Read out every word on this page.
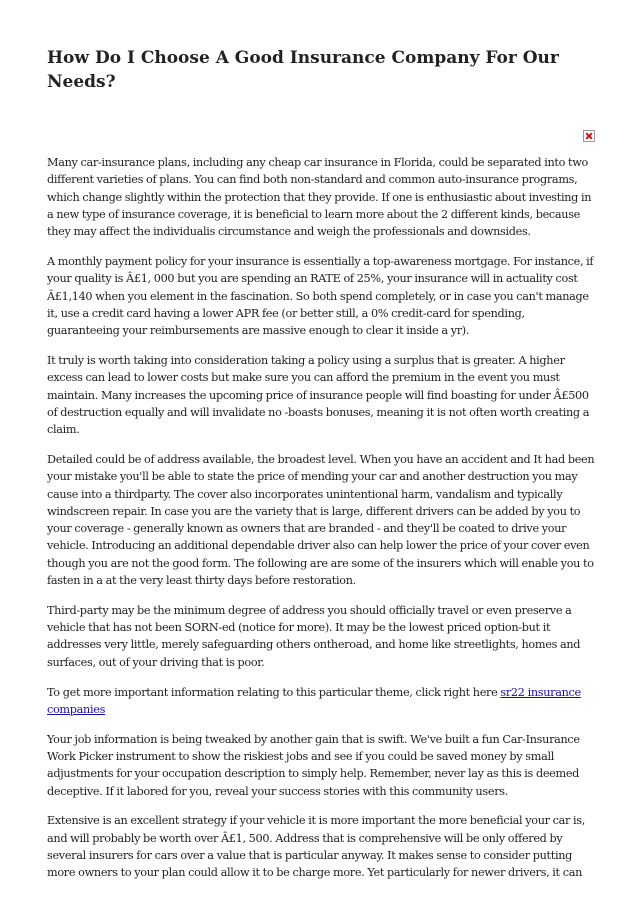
How Do I Choose A Good Insurance Company For Our Needs?

Many car-insurance plans, including any cheap car insurance in Florida, could be separated into two different varieties of plans. You can find both non-standard and common auto-insurance programs, which change slightly within the protection that they provide. If one is enthusiastic about investing in a new type of insurance coverage, it is beneficial to learn more about the 2 different kinds, because they may affect the individualis circumstance and weigh the professionals and downsides.

A monthly payment policy for your insurance is essentially a top-awareness mortgage. For instance, if your quality is Â£1, 000 but you are spending an RATE of 25%, your insurance will in actuality cost Â£1,140 when you element in the fascination. So both spend completely, or in case you can't manage it, use a credit card having a lower APR fee (or better still, a 0% credit-card for spending, guaranteeing your reimbursements are massive enough to clear it inside a yr).

It truly is worth taking into consideration taking a policy using a surplus that is greater. A higher excess can lead to lower costs but make sure you can afford the premium in the event you must maintain. Many increases the upcoming price of insurance people will find boasting for under Â£500 of destruction equally and will invalidate no -boasts bonuses, meaning it is not often worth creating a claim.

Detailed could be of address available, the broadest level. When you have an accident and It had been your mistake you'll be able to state the price of mending your car and another destruction you may cause into a thirdparty. The cover also incorporates unintentional harm, vandalism and typically windscreen repair. In case you are the variety that is large, different drivers can be added by you to your coverage - generally known as owners that are branded - and they'll be coated to drive your vehicle. Introducing an additional dependable driver also can help lower the price of your cover even though you are not the good form. The following are are some of the insurers which will enable you to fasten in a at the very least thirty days before restoration.

Third-party may be the minimum degree of address you should officially travel or even preserve a vehicle that has not been SORN-ed (notice for more). It may be the lowest priced option-but it addresses very little, merely safeguarding others ontheroad, and home like streetlights, homes and surfaces, out of your driving that is poor.

To get more important information relating to this particular theme, click right here sr22 insurance companies

Your job information is being tweaked by another gain that is swift. We've built a fun Car-Insurance Work Picker instrument to show the riskiest jobs and see if you could be saved money by small adjustments for your occupation description to simply help. Remember, never lay as this is deemed deceptive. If it labored for you, reveal your success stories with this community users.

Extensive is an excellent strategy if your vehicle it is more important the more beneficial your car is, and will probably be worth over Â£1, 500. Address that is comprehensive will be only offered by several insurers for cars over a value that is particular anyway. It makes sense to consider putting more owners to your plan could allow it to be charge more. Yet particularly for newer drivers, it can
